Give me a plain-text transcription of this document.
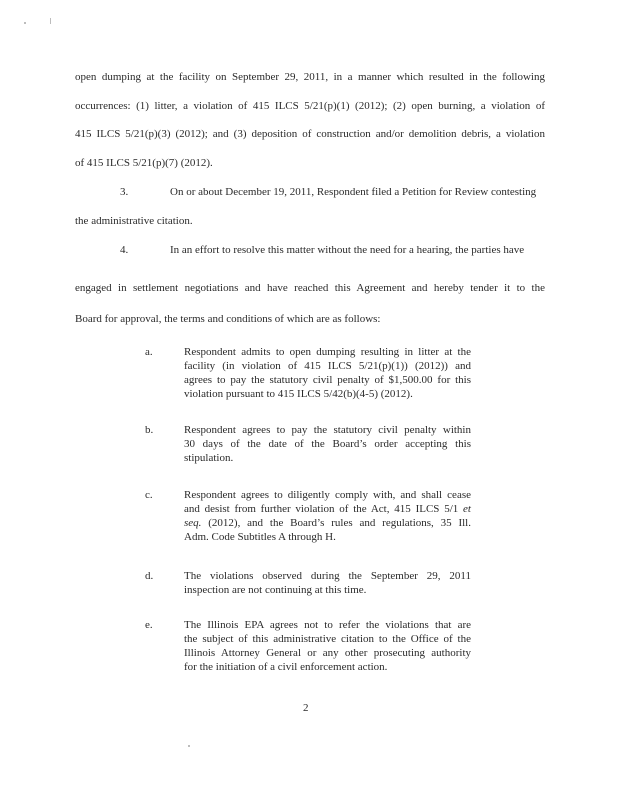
open dumping at the facility on September 29, 2011, in a manner which resulted in the following
occurrences: (1) litter, a violation of 415 ILCS 5/21(p)(1) (2012); (2) open burning, a violation of
415 ILCS 5/21(p)(3) (2012); and (3) deposition of construction and/or demolition debris, a violation
of 415 ILCS 5/21(p)(7) (2012).
3.	On or about December 19, 2011, Respondent filed a Petition for Review contesting
the administrative citation.
4.	In an effort to resolve this matter without the need for a hearing, the parties have
engaged in settlement negotiations and have reached this Agreement and hereby tender it to the
Board for approval, the terms and conditions of which are as follows:
a.	Respondent admits to open dumping resulting in litter at the
facility (in violation of 415 ILCS 5/21(p)(1)) (2012)) and
agrees to pay the statutory civil penalty of $1,500.00 for this
violation pursuant to 415 ILCS 5/42(b)(4-5) (2012).
b.	Respondent agrees to pay the statutory civil penalty within
30 days of the date of the Board’s order accepting this
stipulation.
c.	Respondent agrees to diligently comply with, and shall cease
and desist from further violation of the Act, 415 ILCS 5/1 et
seq. (2012), and the Board’s rules and regulations, 35 Ill.
Adm. Code Subtitles A through H.
d.	The violations observed during the September 29, 2011
inspection are not continuing at this time.
e.	The Illinois EPA agrees not to refer the violations that are
the subject of this administrative citation to the Office of the
Illinois Attorney General or any other prosecuting authority
for the initiation of a civil enforcement action.
2
